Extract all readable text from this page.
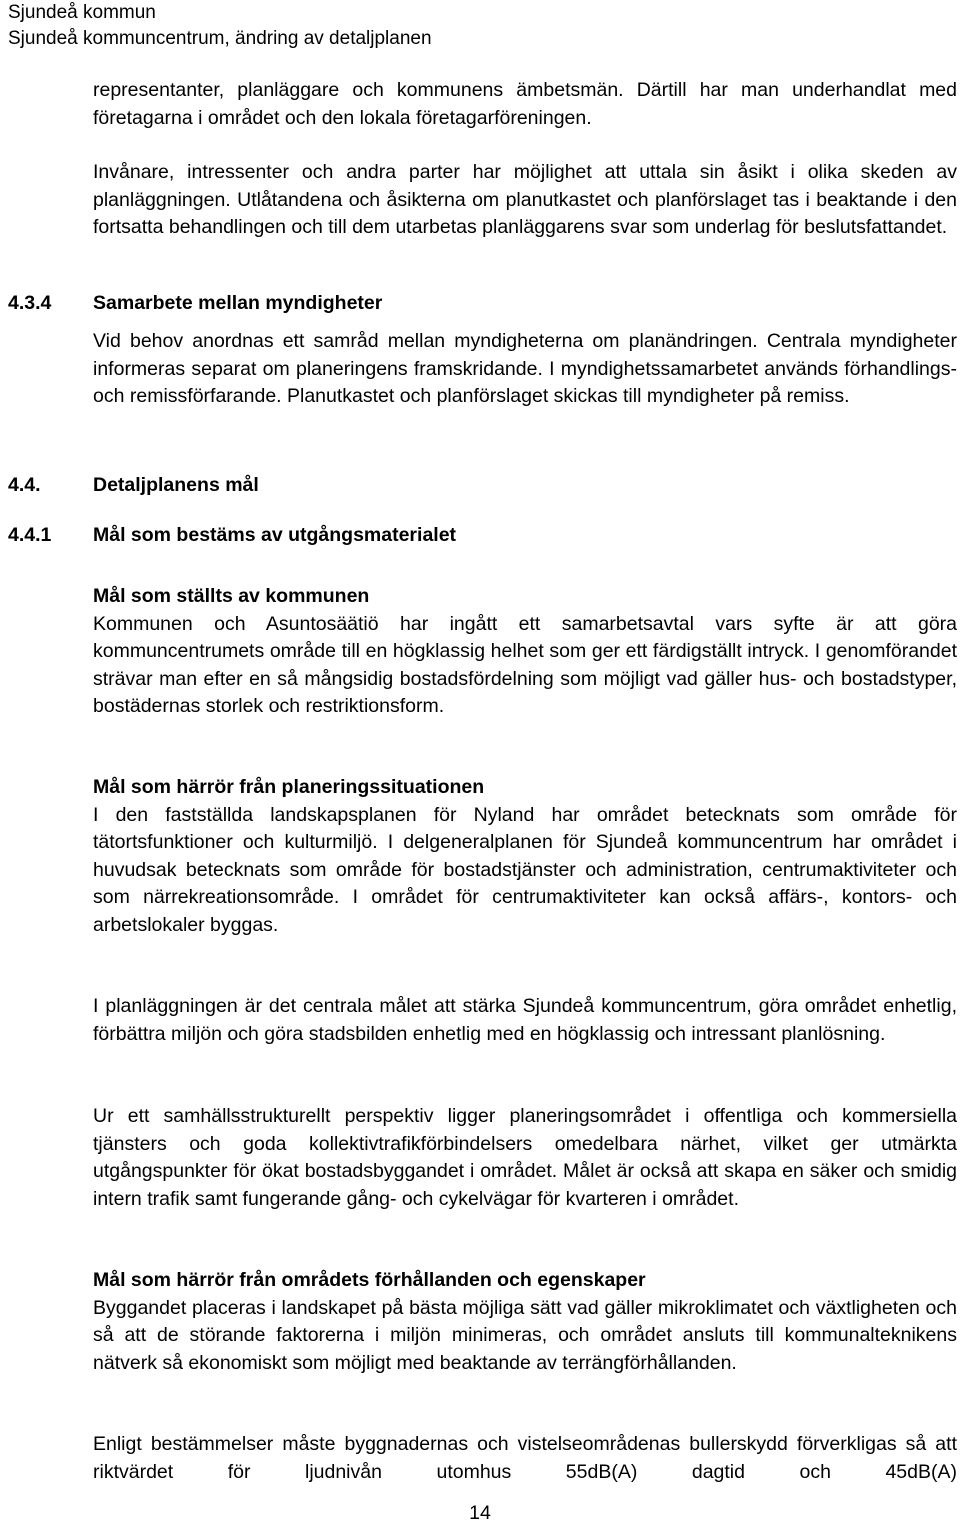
Sjundeå kommun
Sjundeå kommuncentrum, ändring av detaljplanen

representanter, planläggare och kommunens ämbetsmän. Därtill har man underhandlat med företagarna i området och den lokala företagarföreningen.

Invånare, intressenter och andra parter har möjlighet att uttala sin åsikt i olika skeden av planläggningen. Utlåtandena och åsikterna om planutkastet och planförslaget tas i beaktande i den fortsatta behandlingen och till dem utarbetas planläggarens svar som underlag för beslutsfattandet.

4.3.4 Samarbete mellan myndigheter

Vid behov anordnas ett samråd mellan myndigheterna om planändringen. Centrala myndigheter informeras separat om planeringens framskridande. I myndighetssamarbetet används förhandlings- och remissförfarande. Planutkastet och planförslaget skickas till myndigheter på remiss.

4.4.	Detaljplanens mål
4.4.1 Mål som bestäms av utgångsmaterialet

Mål som ställts av kommunen

Kommunen och Asuntosäätiö har ingått ett samarbetsavtal vars syfte är att göra kommuncentrumets område till en högklassig helhet som ger ett färdigställt intryck. I genomförandet strävar man efter en så mångsidig bostadsfördelning som möjligt vad gäller hus- och bostadstyper, bostädernas storlek och restriktionsform.

Mål som härrör från planeringssituationen

I den fastställda landskapsplanen för Nyland har området betecknats som område för tätortsfunktioner och kulturmiljö. I delgeneralplanen för Sjundeå kommuncentrum har området i huvudsak betecknats som område för bostadstjänster och administration, centrumaktiviteter och som närrekreationsområde. I området för centrumaktiviteter kan också affärs-, kontors- och arbetslokaler byggas.

I planläggningen är det centrala målet att stärka Sjundeå kommuncentrum, göra området enhetlig, förbättra miljön och göra stadsbilden enhetlig med en högklassig och intressant planlösning.

Ur ett samhällsstrukturellt perspektiv ligger planeringsområdet i offentliga och kommersiella tjänsters och goda kollektivtrafikförbindelsers omedelbara närhet, vilket ger utmärkta utgångspunkter för ökat bostadsbyggandet i området. Målet är också att skapa en säker och smidig intern trafik samt fungerande gång- och cykelvägar för kvarteren i området.

Mål som härrör från områdets förhållanden och egenskaper

Byggandet placeras i landskapet på bästa möjliga sätt vad gäller mikroklimatet och växtligheten och så att de störande faktorerna i miljön minimeras, och området ansluts till kommunalteknikens nätverk så ekonomiskt som möjligt med beaktande av terrängförhållanden.

Enligt bestämmelser måste byggnadernas och vistelseområdenas bullerskydd förverkligas så att riktvärdet för ljudnivån utomhus 55dB(A) dagtid och 45dB(A)

14
